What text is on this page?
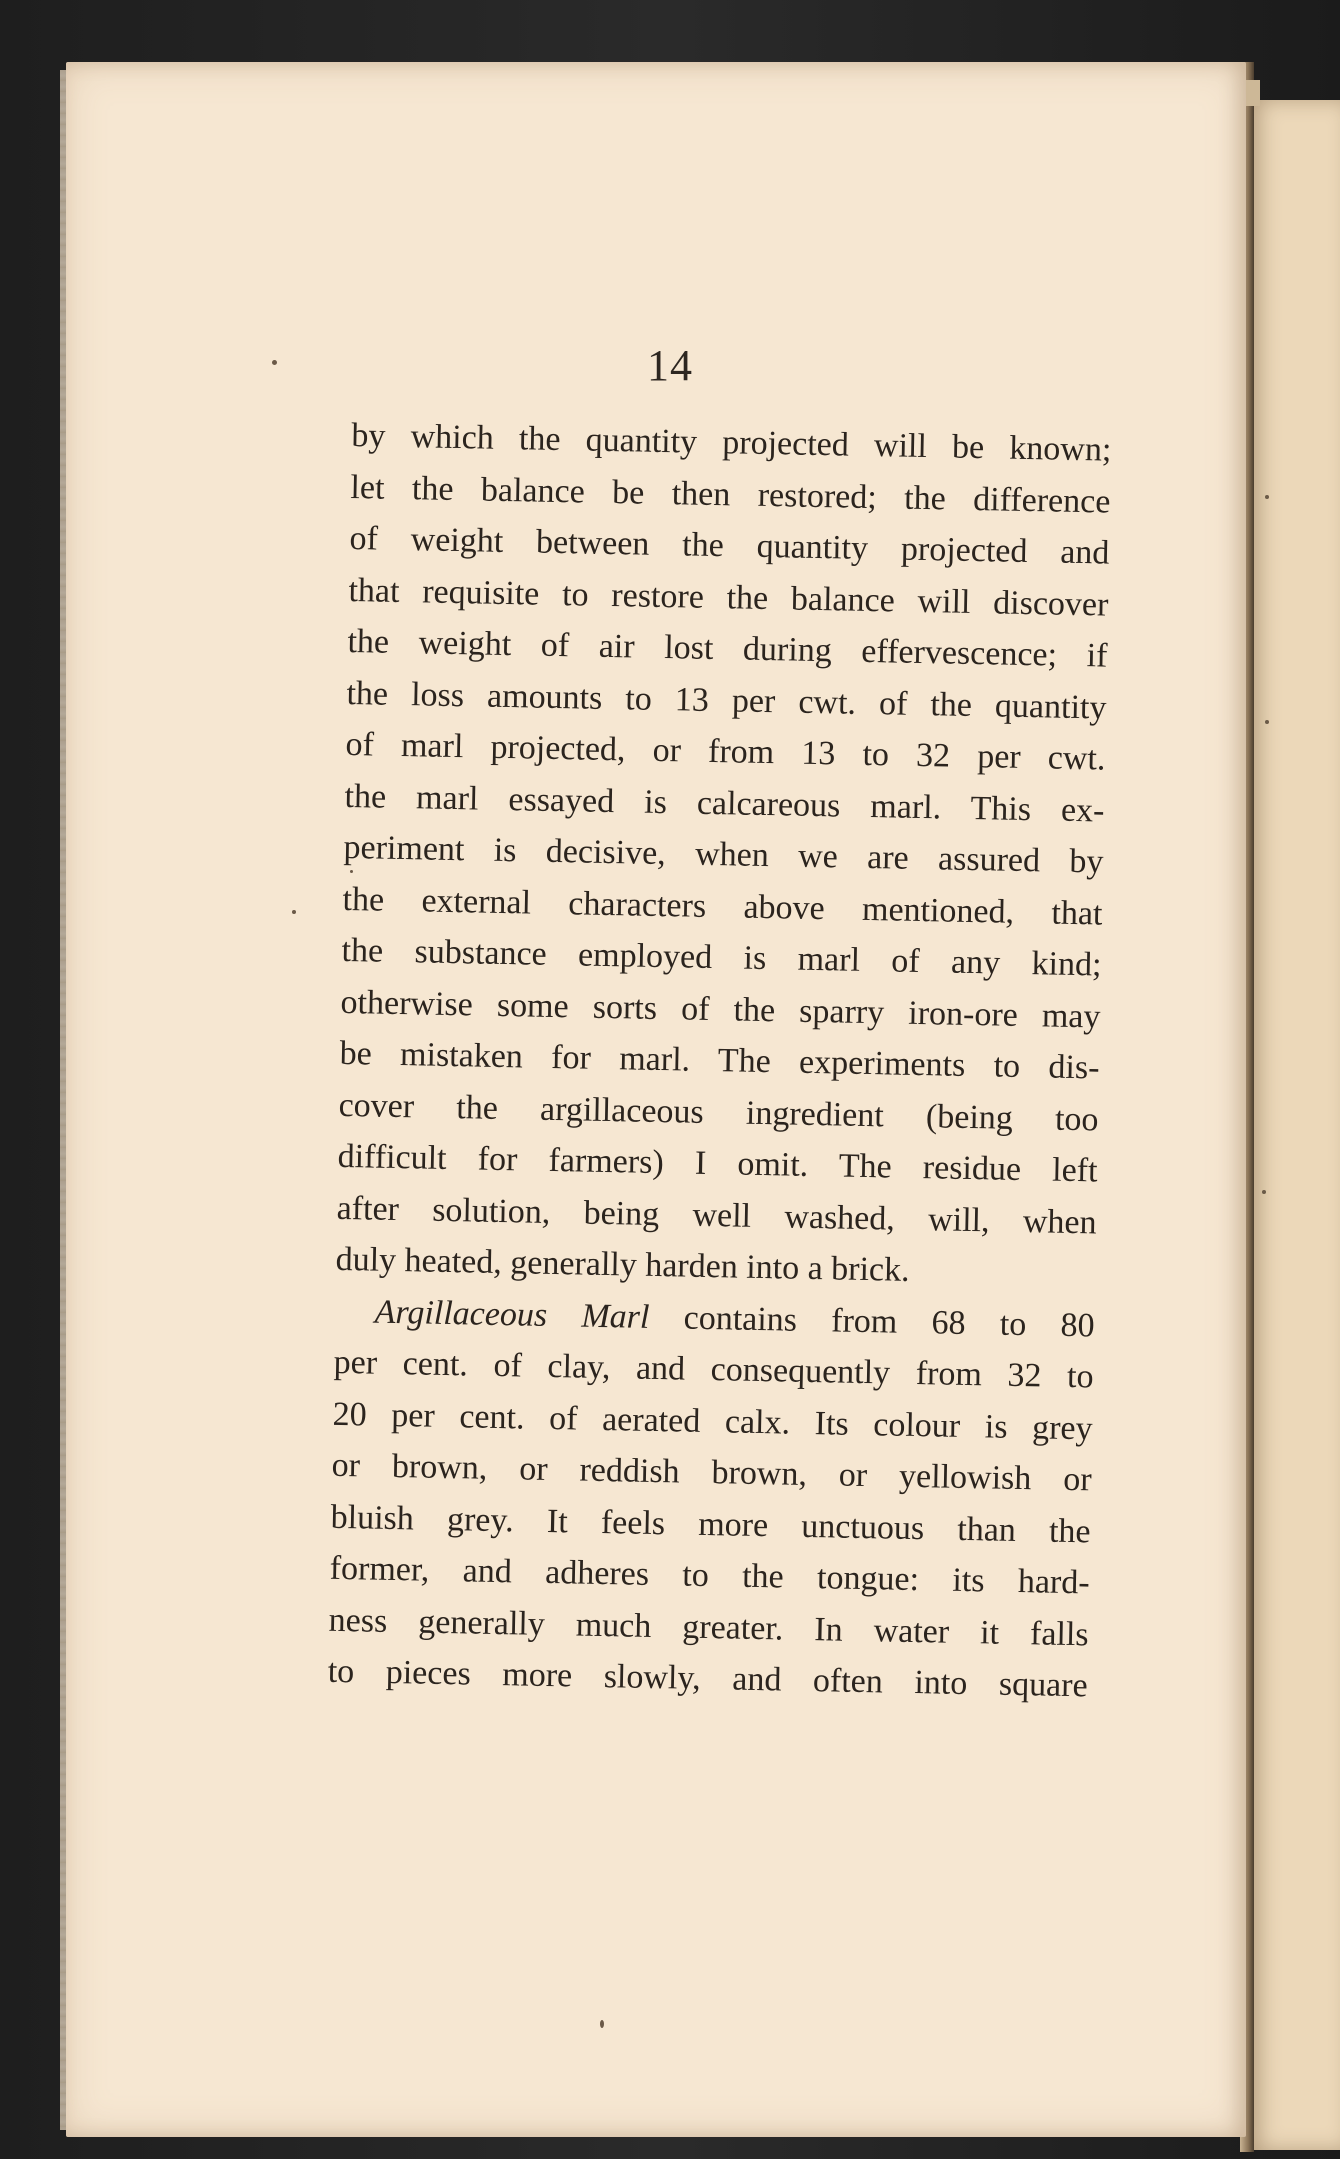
14
by which the quantity projected will be known;
let the balance be then restored; the difference
of weight between the quantity projected and
that requisite to restore the balance will discover
the weight of air lost during effervescence; if
the loss amounts to 13 per cwt. of the quantity
of marl projected, or from 13 to 32 per cwt.
the marl essayed is calcareous marl. This ex-
periment is decisive, when we are assured by
the external characters above mentioned, that
the substance employed is marl of any kind;
otherwise some sorts of the sparry iron-ore may
be mistaken for marl. The experiments to dis-
cover the argillaceous ingredient (being too
difficult for farmers) I omit. The residue left
after solution, being well washed, will, when
duly heated, generally harden into a brick.
Argillaceous Marl contains from 68 to 80
per cent. of clay, and consequently from 32 to
20 per cent. of aerated calx. Its colour is grey
or brown, or reddish brown, or yellowish or
bluish grey. It feels more unctuous than the
former, and adheres to the tongue: its hard-
ness generally much greater. In water it falls
to pieces more slowly, and often into square
